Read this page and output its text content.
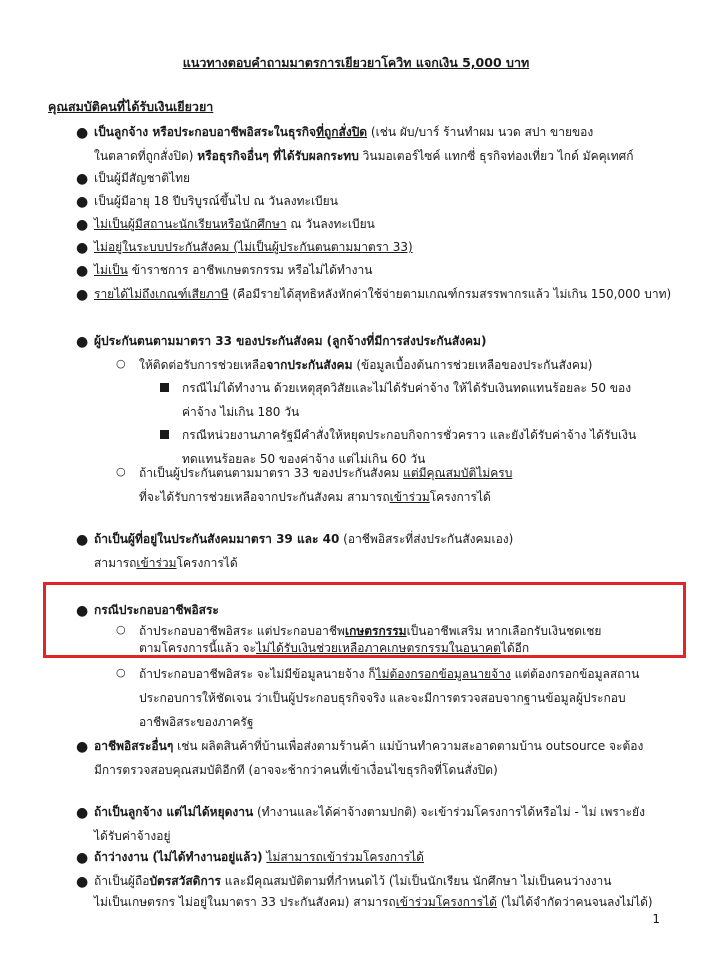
แนวทางตอบคำถามมาตรการเยียวยาโควิท แจกเงิน 5,000 บาท
คุณสมบัติคนที่ได้รับเงินเยียวยา
● เป็นลูกจ้าง หรือประกอบอาชีพอิสระในธุรกิจที่ถูกสั่งปิด (เช่น ผับ/บาร์ ร้านทำผม นวด สปา ขายของ
ในตลาดที่ถูกสั่งปิด) หรือธุรกิจอื่นๆ ที่ได้รับผลกระทบ วินมอเตอร์ไซค์ แทกซี่ ธุรกิจท่องเที่ยว ไกด์ มัคคุเทศก์
● เป็นผู้มีสัญชาติไทย
● เป็นผู้มีอายุ 18 ปีบริบูรณ์ขึ้นไป ณ วันลงทะเบียน
● ไม่เป็นผู้มีสถานะนักเรียนหรือนักศึกษา ณ วันลงทะเบียน
● ไม่อยู่ในระบบประกันสังคม (ไม่เป็นผู้ประกันตนตามมาตรา 33)
● ไม่เป็น ข้าราชการ อาชีพเกษตรกรรม หรือไม่ได้ทำงาน
● รายได้ไม่ถึงเกณฑ์เสียภาษี (คือมีรายได้สุทธิหลังหักค่าใช้จ่ายตามเกณฑ์กรมสรรพากรแล้ว ไม่เกิน 150,000 บาท)
● ผู้ประกันตนตามมาตรา 33 ของประกันสังคม (ลูกจ้างที่มีการส่งประกันสังคม)
○ ให้ติดต่อรับการช่วยเหลือจากประกันสังคม (ข้อมูลเบื้องต้นการช่วยเหลือของประกันสังคม)
กรณีไม่ได้ทำงาน ด้วยเหตุสุดวิสัยและไม่ได้รับค่าจ้าง ให้ได้รับเงินทดแทนร้อยละ 50 ของ
ค่าจ้าง ไม่เกิน 180 วัน
กรณีหน่วยงานภาครัฐมีคำสั่งให้หยุดประกอบกิจการชั่วคราว และยังได้รับค่าจ้าง ได้รับเงิน
ทดแทนร้อยละ 50 ของค่าจ้าง แต่ไม่เกิน 60 วัน
○ ถ้าเป็นผู้ประกันตนตามมาตรา 33 ของประกันสังคม แต่มีคุณสมบัติไม่ครบ
ที่จะได้รับการช่วยเหลือจากประกันสังคม สามารถเข้าร่วมโครงการได้
● ถ้าเป็นผู้ที่อยู่ในประกันสังคมมาตรา 39 และ 40 (อาชีพอิสระที่ส่งประกันสังคมเอง)
สามารถเข้าร่วมโครงการได้
● กรณีประกอบอาชีพอิสระ
○ ถ้าประกอบอาชีพอิสระ แต่ประกอบอาชีพเกษตรกรรมเป็นอาชีพเสริม หากเลือกรับเงินชดเชย
ตามโครงการนี้แล้ว จะไม่ได้รับเงินช่วยเหลือภาคเกษตรกรรมในอนาคตได้อีก
○ ถ้าประกอบอาชีพอิสระ จะไม่มีข้อมูลนายจ้าง ก็ไม่ต้องกรอกข้อมูลนายจ้าง แต่ต้องกรอกข้อมูลสถาน
ประกอบการให้ชัดเจน ว่าเป็นผู้ประกอบธุรกิจจริง และจะมีการตรวจสอบจากฐานข้อมูลผู้ประกอบ
อาชีพอิสระของภาครัฐ
● อาชีพอิสระอื่นๆ เช่น ผลิตสินค้าที่บ้านเพื่อส่งตามร้านค้า แม่บ้านทำความสะอาดตามบ้าน outsource จะต้อง
มีการตรวจสอบคุณสมบัติอีกที (อาจจะช้ากว่าคนที่เข้าเงื่อนไขธุรกิจที่โดนสั่งปิด)
● ถ้าเป็นลูกจ้าง แต่ไม่ได้หยุดงาน (ทำงานและได้ค่าจ้างตามปกติ) จะเข้าร่วมโครงการได้หรือไม่ - ไม่ เพราะยัง
ได้รับค่าจ้างอยู่
● ถ้าว่างงาน (ไม่ได้ทำงานอยู่แล้ว) ไม่สามารถเข้าร่วมโครงการได้
● ถ้าเป็นผู้ถือบัตรสวัสดิการ และมีคุณสมบัติตามที่กำหนดไว้ (ไม่เป็นนักเรียน นักศึกษา ไม่เป็นคนว่างงาน
ไม่เป็นเกษตรกร ไม่อยู่ในมาตรา 33 ประกันสังคม) สามารถเข้าร่วมโครงการได้ (ไม่ได้จำกัดว่าคนจนลงไม่ได้)
1
